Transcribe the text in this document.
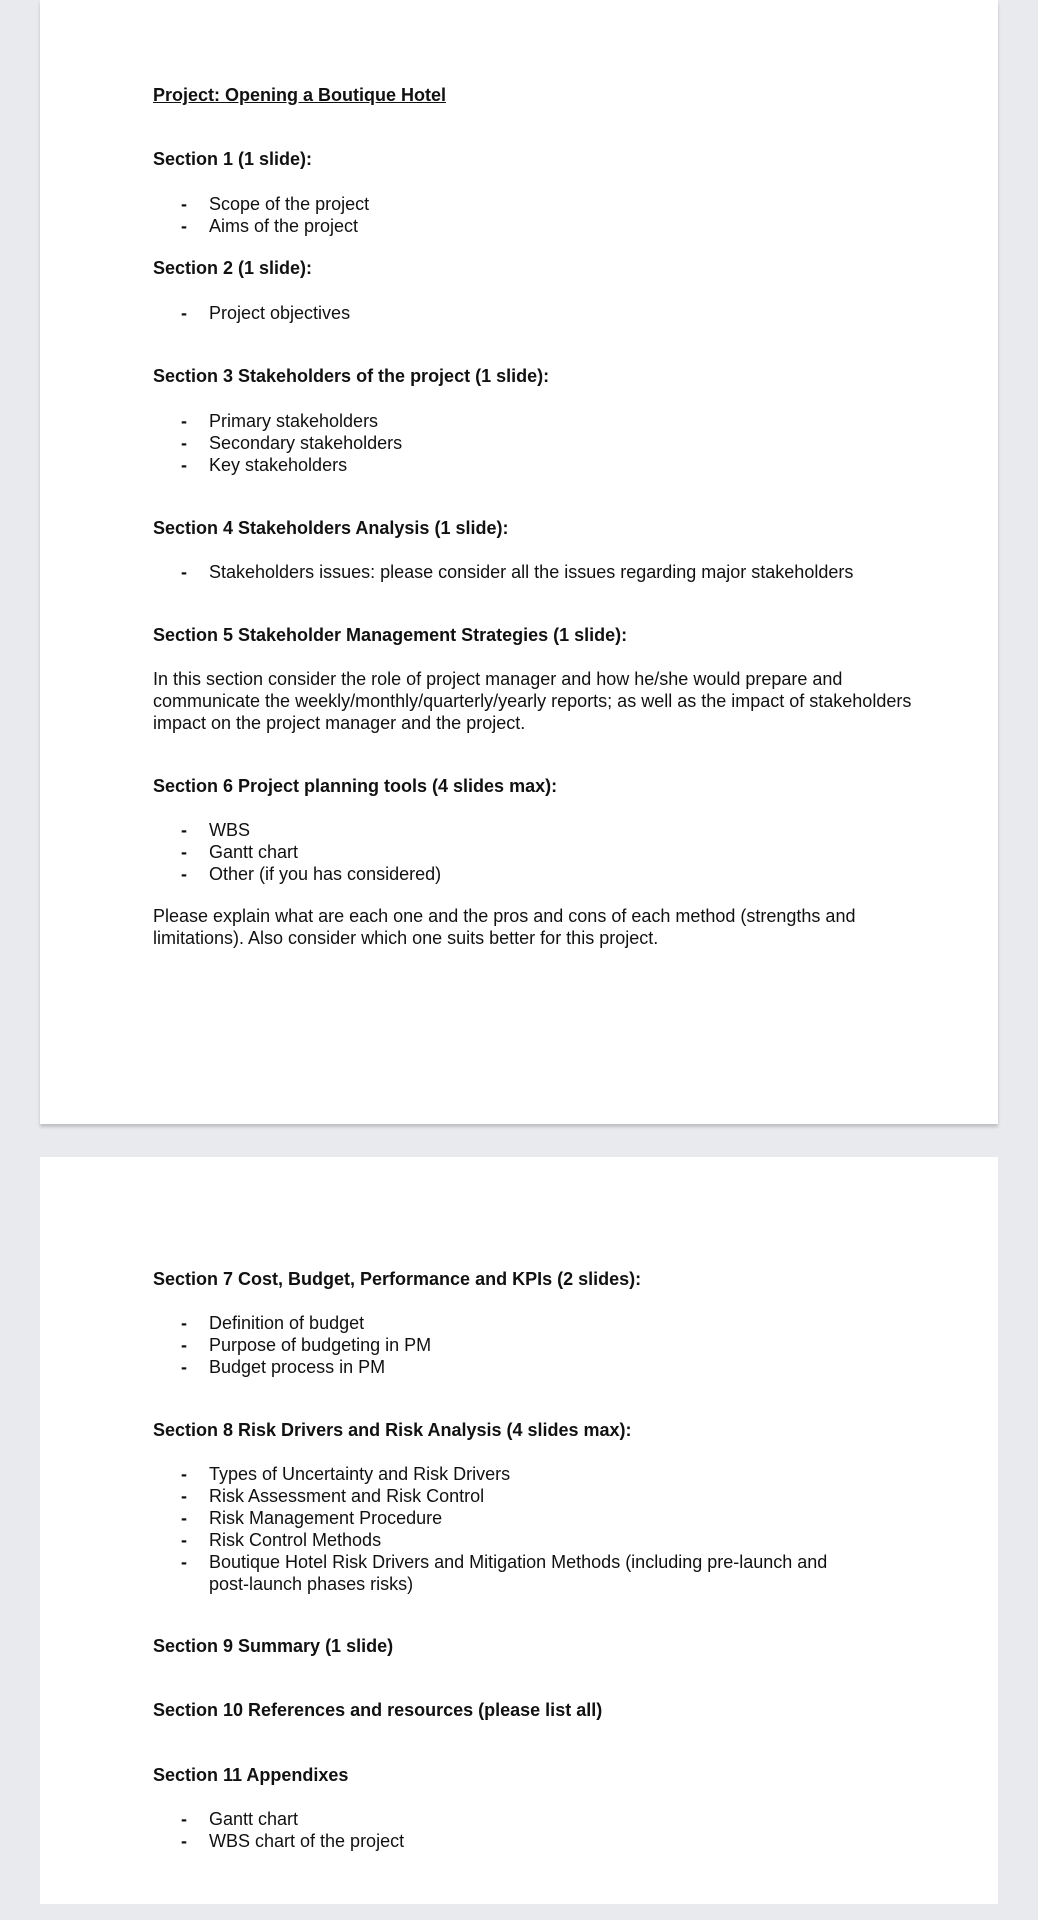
Project: Opening a Boutique Hotel
Section 1 (1 slide):
- Scope of the project
- Aims of the project
Section 2 (1 slide):
- Project objectives
Section 3 Stakeholders of the project (1 slide):
- Primary stakeholders
- Secondary stakeholders
- Key stakeholders
Section 4 Stakeholders Analysis (1 slide):
- Stakeholders issues: please consider all the issues regarding major stakeholders
Section 5 Stakeholder Management Strategies (1 slide):
In this section consider the role of project manager and how he/she would prepare and communicate the weekly/monthly/quarterly/yearly reports; as well as the impact of stakeholders impact on the project manager and the project.
Section 6 Project planning tools (4 slides max):
- WBS
- Gantt chart
- Other (if you has considered)
Please explain what are each one and the pros and cons of each method (strengths and limitations). Also consider which one suits better for this project.
Section 7 Cost, Budget, Performance and KPIs (2 slides):
- Definition of budget
- Purpose of budgeting in PM
- Budget process in PM
Section 8 Risk Drivers and Risk Analysis (4 slides max):
- Types of Uncertainty and Risk Drivers
- Risk Assessment and Risk Control
- Risk Management Procedure
- Risk Control Methods
- Boutique Hotel Risk Drivers and Mitigation Methods (including pre-launch and post-launch phases risks)
Section 9 Summary (1 slide)
Section 10 References and resources (please list all)
Section 11 Appendixes
- Gantt chart
- WBS chart of the project
